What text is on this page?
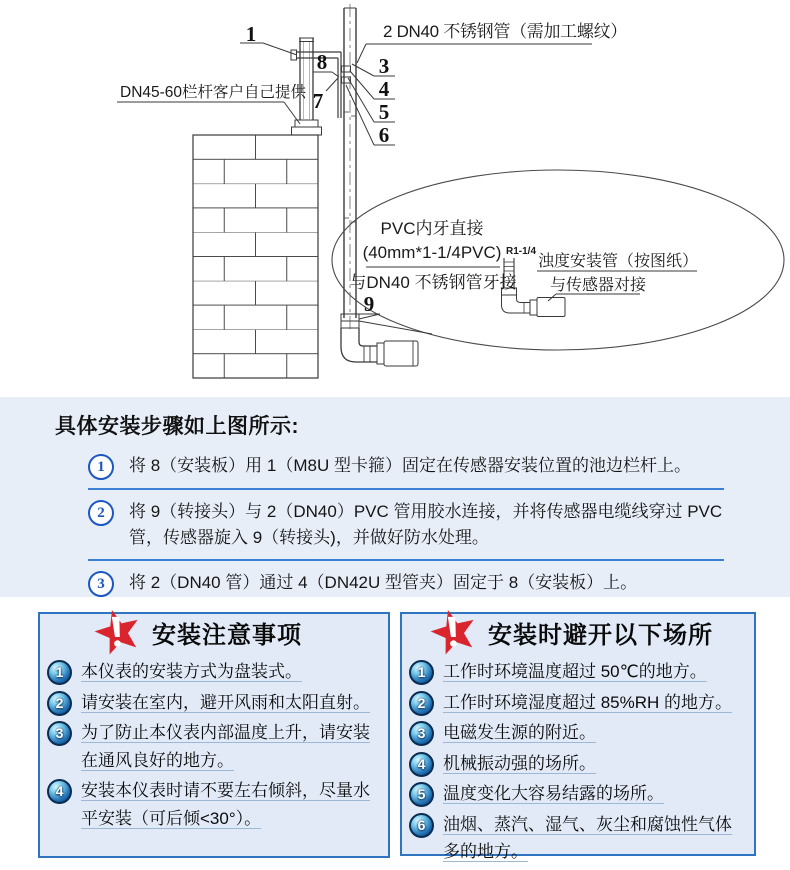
1	2 DN40 不锈钢管（需加工螺纹）
DN45-60栏杆客户自己提供
8
7
3
4
5
6
9
PVC内牙直接
(40mm*1-1/4PVC)
与DN40 不锈钢管牙接
R1-1/4
浊度安装管（按图纸）
与传感器对接
具体安装步骤如上图所示:
1	将 8（安装板）用 1（M8U 型卡箍）固定在传感器安装位置的池边栏杆上。
2	将 9（转接头）与 2（DN40）PVC 管用胶水连接，并将传感器电缆线穿过 PVC 管，传感器旋入 9（转接头)，并做好防水处理。
3	将 2（DN40 管）通过 4（DN42U 型管夹）固定于 8（安装板）上。
安装注意事项
1	本仪表的安装方式为盘装式。
2	请安装在室内，避开风雨和太阳直射。
3	为了防止本仪表内部温度上升，请安装在通风良好的地方。
4	安装本仪表时请不要左右倾斜，尽量水平安装（可后倾<30°）。
安装时避开以下场所
1	工作时环境温度超过 50℃的地方。
2	工作时环境湿度超过 85%RH 的地方。
3	电磁发生源的附近。
4	机械振动强的场所。
5	温度变化大容易结露的场所。
6	油烟、蒸汽、湿气、灰尘和腐蚀性气体多的地方。
